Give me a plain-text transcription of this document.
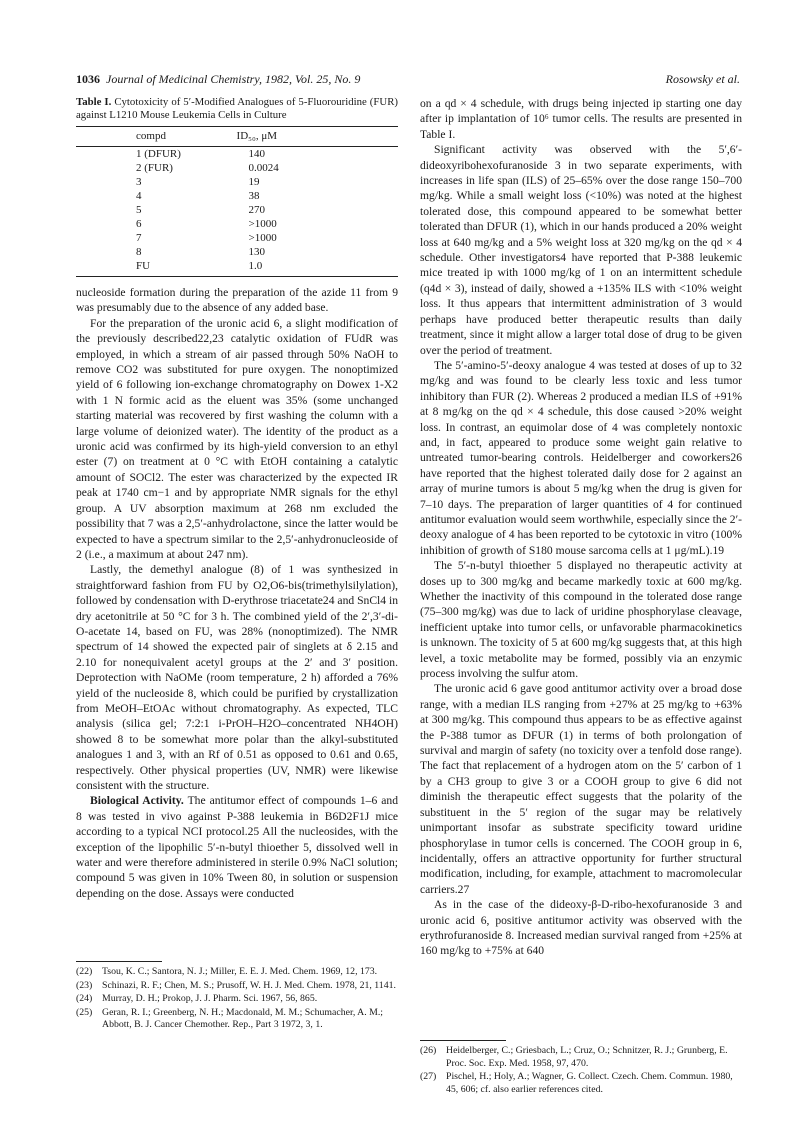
1036 Journal of Medicinal Chemistry, 1982, Vol. 25, No. 9	Rosowsky et al.
Table I. Cytotoxicity of 5′-Modified Analogues of 5-Fluorouridine (FUR) against L1210 Mouse Leukemia Cells in Culture
compd	ID₅₀, μM
1 (DFUR)	140
2 (FUR)	0.0024
3	19
4	38
5	270
6	>1000
7	>1000
8	130
FU	1.0

nucleoside formation during the preparation of the azide 11 from 9 was presumably due to the absence of any added base.

For the preparation of the uronic acid 6, a slight modification of the previously described22,23 catalytic oxidation of FUdR was employed, in which a stream of air passed through 50% NaOH to remove CO2 was substituted for pure oxygen. The nonoptimized yield of 6 following ion-exchange chromatography on Dowex 1-X2 with 1 N formic acid as the eluent was 35% (some unchanged starting material was recovered by first washing the column with a large volume of deionized water). The identity of the product as a uronic acid was confirmed by its high-yield conversion to an ethyl ester (7) on treatment at 0 °C with EtOH containing a catalytic amount of SOCl2. The ester was characterized by the expected IR peak at 1740 cm−1 and by appropriate NMR signals for the ethyl group. A UV absorption maximum at 268 nm excluded the possibility that 7 was a 2,5′-anhydrolactone, since the latter would be expected to have a spectrum similar to the 2,5′-anhydronucleoside of 2 (i.e., a maximum at about 247 nm).

Lastly, the demethyl analogue (8) of 1 was synthesized in straightforward fashion from FU by O2,O6-bis(trimethylsilylation), followed by condensation with D-erythrose triacetate24 and SnCl4 in dry acetonitrile at 50 °C for 3 h. The combined yield of the 2′,3′-di-O-acetate 14, based on FU, was 28% (nonoptimized). The NMR spectrum of 14 showed the expected pair of singlets at δ 2.15 and 2.10 for nonequivalent acetyl groups at the 2′ and 3′ position. Deprotection with NaOMe (room temperature, 2 h) afforded a 76% yield of the nucleoside 8, which could be purified by crystallization from MeOH–EtOAc without chromatography. As expected, TLC analysis (silica gel; 7:2:1 i-PrOH–H2O–concentrated NH4OH) showed 8 to be somewhat more polar than the alkyl-substituted analogues 1 and 3, with an Rf of 0.51 as opposed to 0.61 and 0.65, respectively. Other physical properties (UV, NMR) were likewise consistent with the structure.

Biological Activity. The antitumor effect of compounds 1–6 and 8 was tested in vivo against P-388 leukemia in B6D2F1J mice according to a typical NCI protocol.25 All the nucleosides, with the exception of the lipophilic 5′-n-butyl thioether 5, dissolved well in water and were therefore administered in sterile 0.9% NaCl solution; compound 5 was given in 10% Tween 80, in solution or suspension depending on the dose. Assays were conducted

on a qd × 4 schedule, with drugs being injected ip starting one day after ip implantation of 10⁶ tumor cells. The results are presented in Table I.

Significant activity was observed with the 5′,6′-dideoxyribohexofuranoside 3 in two separate experiments, with increases in life span (ILS) of 25–65% over the dose range 150–700 mg/kg. While a small weight loss (<10%) was noted at the highest tolerated dose, this compound appeared to be somewhat better tolerated than DFUR (1), which in our hands produced a 20% weight loss at 640 mg/kg and a 5% weight loss at 320 mg/kg on the qd × 4 schedule. Other investigators4 have reported that P-388 leukemic mice treated ip with 1000 mg/kg of 1 on an intermittent schedule (q4d × 3), instead of daily, showed a +135% ILS with <10% weight loss. It thus appears that intermittent administration of 3 would perhaps have produced better therapeutic results than daily treatment, since it might allow a larger total dose of drug to be given over the period of treatment.

The 5′-amino-5′-deoxy analogue 4 was tested at doses of up to 32 mg/kg and was found to be clearly less toxic and less tumor inhibitory than FUR (2). Whereas 2 produced a median ILS of +91% at 8 mg/kg on the qd × 4 schedule, this dose caused >20% weight loss. In contrast, an equimolar dose of 4 was completely nontoxic and, in fact, appeared to produce some weight gain relative to untreated tumor-bearing controls. Heidelberger and coworkers26 have reported that the highest tolerated daily dose for 2 against an array of murine tumors is about 5 mg/kg when the drug is given for 7–10 days. The preparation of larger quantities of 4 for continued antitumor evaluation would seem worthwhile, especially since the 2′-deoxy analogue of 4 has been reported to be cytotoxic in vitro (100% inhibition of growth of S180 mouse sarcoma cells at 1 μg/mL).19

The 5′-n-butyl thioether 5 displayed no therapeutic activity at doses up to 300 mg/kg and became markedly toxic at 600 mg/kg. Whether the inactivity of this compound in the tolerated dose range (75–300 mg/kg) was due to lack of uridine phosphorylase cleavage, inefficient uptake into tumor cells, or unfavorable pharmacokinetics is unknown. The toxicity of 5 at 600 mg/kg suggests that, at this high level, a toxic metabolite may be formed, possibly via an enzymic process involving the sulfur atom.

The uronic acid 6 gave good antitumor activity over a broad dose range, with a median ILS ranging from +27% at 25 mg/kg to +63% at 300 mg/kg. This compound thus appears to be as effective against the P-388 tumor as DFUR (1) in terms of both prolongation of survival and margin of safety (no toxicity over a tenfold dose range). The fact that replacement of a hydrogen atom on the 5′ carbon of 1 by a CH3 group to give 3 or a COOH group to give 6 did not diminish the therapeutic effect suggests that the polarity of the substituent in the 5′ region of the sugar may be relatively unimportant insofar as substrate specificity toward uridine phosphorylase in tumor cells is concerned. The COOH group in 6, incidentally, offers an attractive opportunity for further structural modification, including, for example, attachment to macromolecular carriers.27

As in the case of the dideoxy-β-D-ribo-hexofuranoside 3 and uronic acid 6, positive antitumor activity was observed with the erythrofuranoside 8. Increased median survival ranged from +25% at 160 mg/kg to +75% at 640

(22) Tsou, K. C.; Santora, N. J.; Miller, E. E. J. Med. Chem. 1969, 12, 173.
(23) Schinazi, R. F.; Chen, M. S.; Prusoff, W. H. J. Med. Chem. 1978, 21, 1141.
(24) Murray, D. H.; Prokop, J. J. Pharm. Sci. 1967, 56, 865.
(25) Geran, R. I.; Greenberg, N. H.; Macdonald, M. M.; Schumacher, A. M.; Abbott, B. J. Cancer Chemother. Rep., Part 3 1972, 3, 1.
(26) Heidelberger, C.; Griesbach, L.; Cruz, O.; Schnitzer, R. J.; Grunberg, E. Proc. Soc. Exp. Med. 1958, 97, 470.
(27) Pischel, H.; Holy, A.; Wagner, G. Collect. Czech. Chem. Commun. 1980, 45, 606; cf. also earlier references cited.
